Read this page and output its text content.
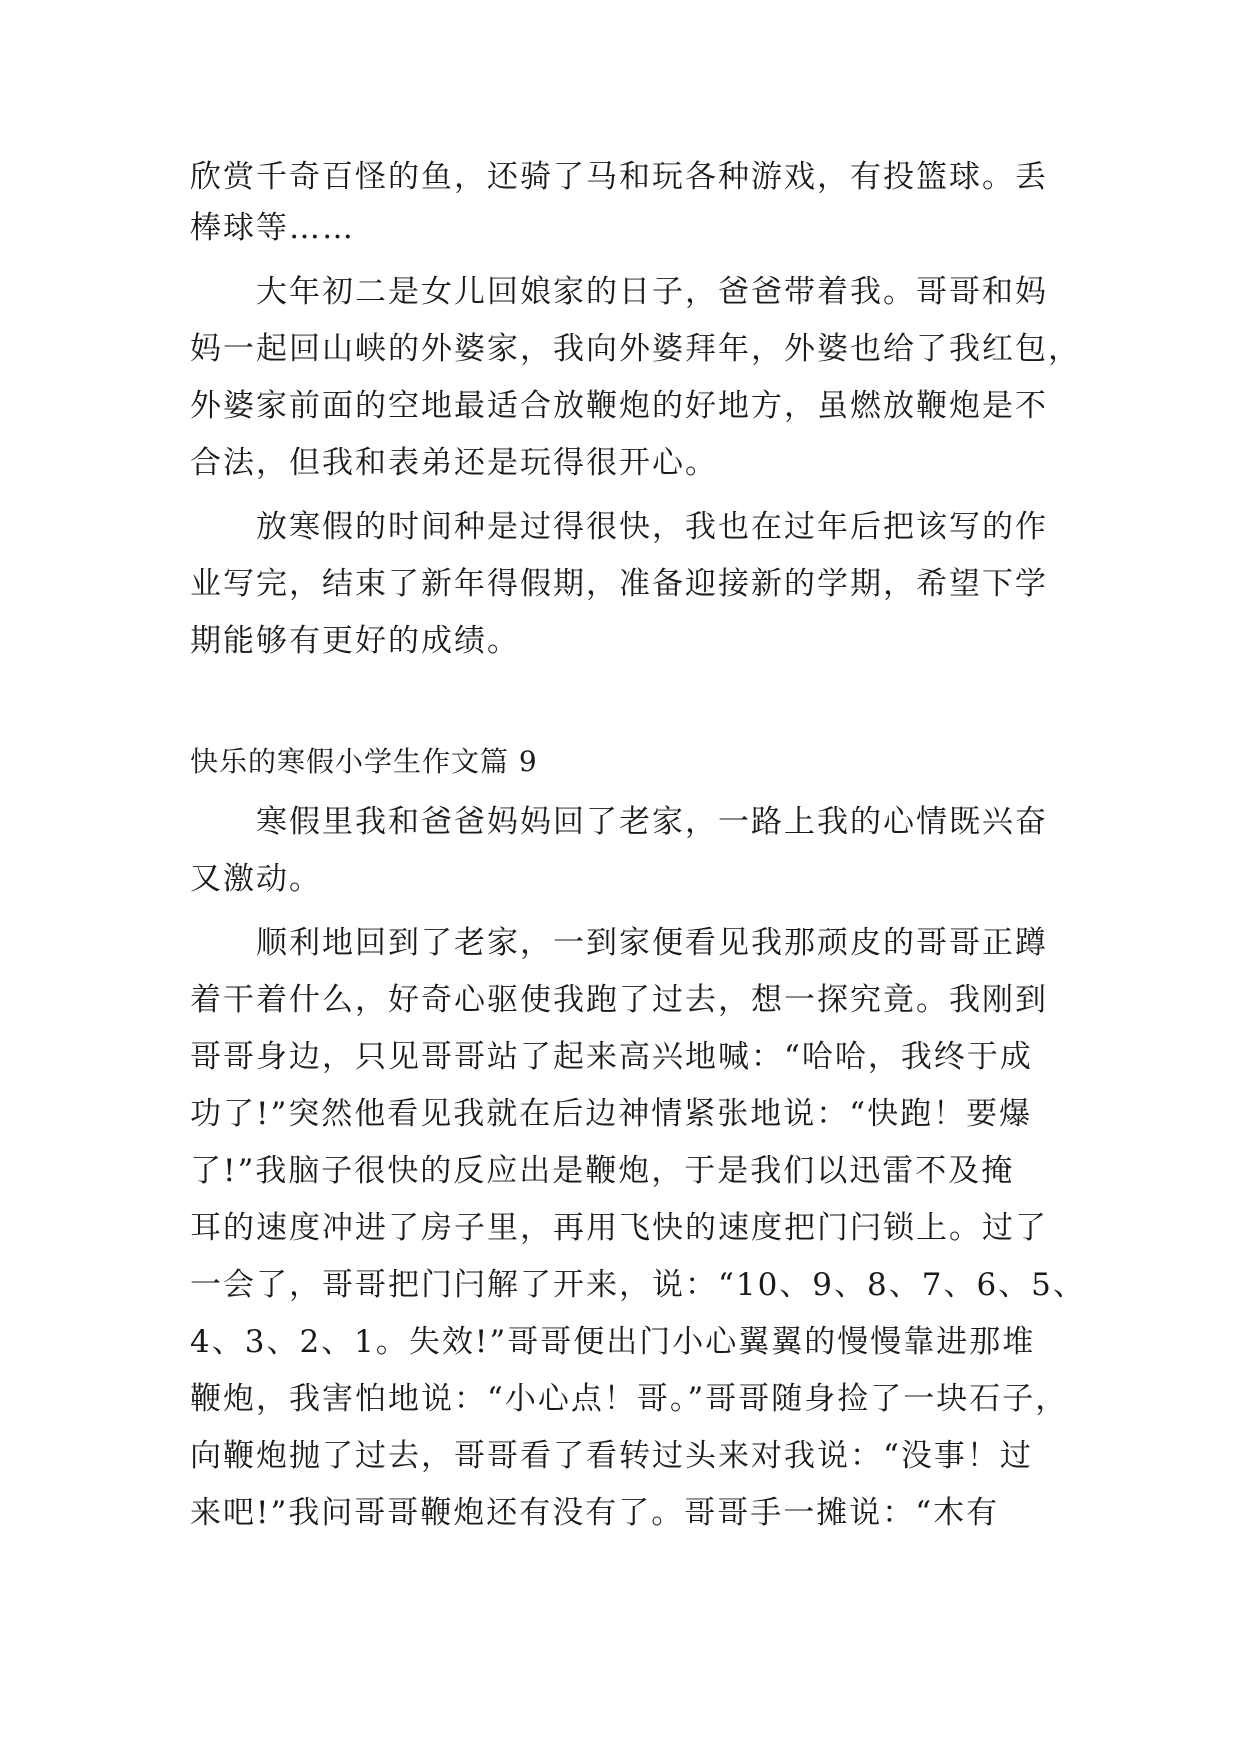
欣赏千奇百怪的鱼，还骑了马和玩各种游戏，有投篮球。丢
棒球等……
大年初二是女儿回娘家的日子，爸爸带着我。哥哥和妈
妈一起回山峡的外婆家，我向外婆拜年，外婆也给了我红包，
外婆家前面的空地最适合放鞭炮的好地方，虽燃放鞭炮是不
合法，但我和表弟还是玩得很开心。
放寒假的时间种是过得很快，我也在过年后把该写的作
业写完，结束了新年得假期，准备迎接新的学期，希望下学
期能够有更好的成绩。
快乐的寒假小学生作文篇 9
寒假里我和爸爸妈妈回了老家，一路上我的心情既兴奋
又激动。
顺利地回到了老家，一到家便看见我那顽皮的哥哥正蹲
着干着什么，好奇心驱使我跑了过去，想一探究竟。我刚到
哥哥身边，只见哥哥站了起来高兴地喊：“哈哈，我终于成
功了!”突然他看见我就在后边神情紧张地说：“快跑！要爆
了!”我脑子很快的反应出是鞭炮，于是我们以迅雷不及掩
耳的速度冲进了房子里，再用飞快的速度把门闩锁上。过了
一会了，哥哥把门闩解了开来，说：“10、9、8、7、6、5、
4、3、2、1。失效!”哥哥便出门小心翼翼的慢慢靠进那堆
鞭炮，我害怕地说：“小心点！哥。”哥哥随身捡了一块石子，
向鞭炮抛了过去，哥哥看了看转过头来对我说：“没事！过
来吧!”我问哥哥鞭炮还有没有了。哥哥手一摊说：“木有
